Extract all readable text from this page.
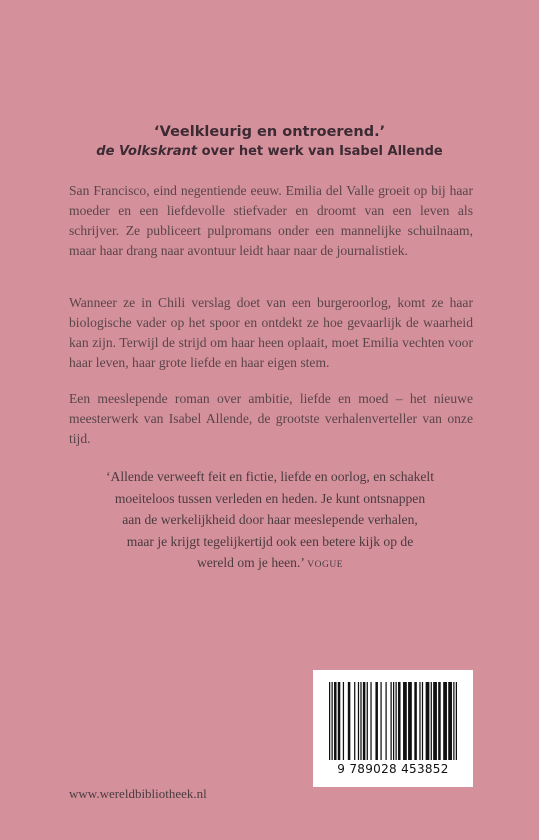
‘Veelkleurig en ontroerend.’
de Volkskrant over het werk van Isabel Allende

San Francisco, eind negentiende eeuw. Emilia del Valle groeit op bij haar moeder en een liefdevolle stiefvader en droomt van een leven als schrijver. Ze publiceert pulpromans onder een mannelijke schuilnaam, maar haar drang naar avontuur leidt haar naar de journalistiek.

Wanneer ze in Chili verslag doet van een burgeroorlog, komt ze haar biologische vader op het spoor en ontdekt ze hoe gevaarlijk de waarheid kan zijn. Terwijl de strijd om haar heen oplaait, moet Emilia vechten voor haar leven, haar grote liefde en haar eigen stem.

Een meeslepende roman over ambitie, liefde en moed – het nieuwe meesterwerk van Isabel Allende, de grootste verhalenverteller van onze tijd.

‘Allende verweeft feit en fictie, liefde en oorlog, en schakelt
moeiteloos tussen verleden en heden. Je kunt ontsnappen
aan de werkelijkheid door haar meeslepende verhalen,
maar je krijgt tegelijkertijd ook een betere kijk op de
wereld om je heen.’ VOGUE
9 789028 453852
www.wereldbibliotheek.nl
